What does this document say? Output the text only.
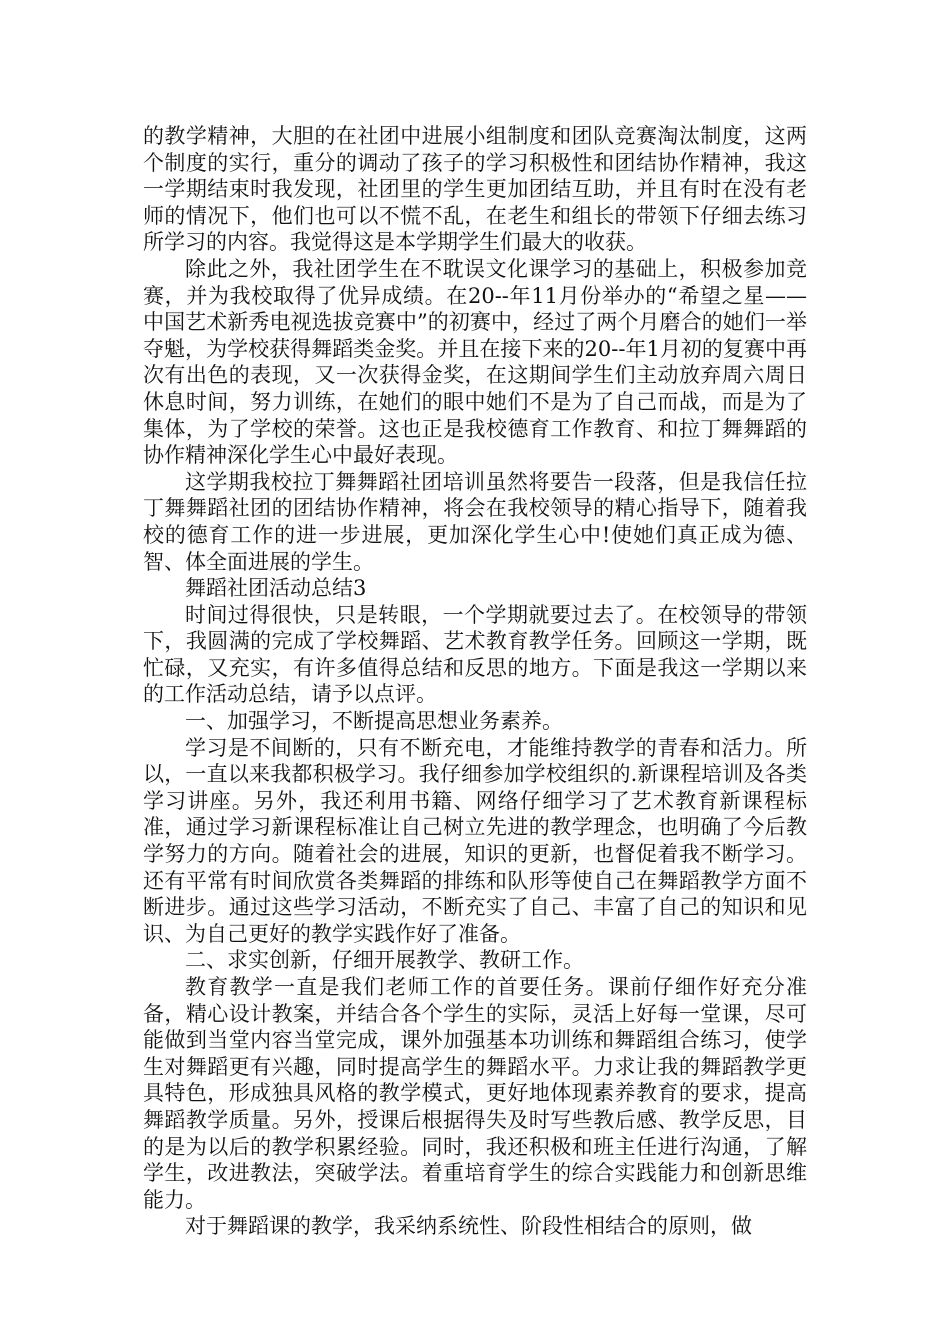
的教学精神，大胆的在社团中进展小组制度和团队竞赛淘汰制度，这两个制度的实行，重分的调动了孩子的学习积极性和团结协作精神，我这一学期结束时我发现，社团里的学生更加团结互助，并且有时在没有老师的情况下，他们也可以不慌不乱，在老生和组长的带领下仔细去练习所学习的内容。我觉得这是本学期学生们最大的收获。

除此之外，我社团学生在不耽误文化课学习的基础上，积极参加竞赛，并为我校取得了优异成绩。在20--年11月份举办的“希望之星——中国艺术新秀电视选拔竞赛中”的初赛中，经过了两个月磨合的她们一举夺魁，为学校获得舞蹈类金奖。并且在接下来的20--年1月初的复赛中再次有出色的表现，又一次获得金奖，在这期间学生们主动放弃周六周日休息时间，努力训练，在她们的眼中她们不是为了自己而战，而是为了集体，为了学校的荣誉。这也正是我校德育工作教育、和拉丁舞舞蹈的协作精神深化学生心中最好表现。

这学期我校拉丁舞舞蹈社团培训虽然将要告一段落，但是我信任拉丁舞舞蹈社团的团结协作精神，将会在我校领导的精心指导下，随着我校的德育工作的进一步进展，更加深化学生心中!使她们真正成为德、智、体全面进展的学生。

舞蹈社团活动总结3

时间过得很快，只是转眼，一个学期就要过去了。在校领导的带领下，我圆满的完成了学校舞蹈、艺术教育教学任务。回顾这一学期，既忙碌，又充实，有许多值得总结和反思的地方。下面是我这一学期以来的工作活动总结，请予以点评。

一、加强学习，不断提高思想业务素养。

学习是不间断的，只有不断充电，才能维持教学的青春和活力。所以，一直以来我都积极学习。我仔细参加学校组织的.新课程培训及各类学习讲座。另外，我还利用书籍、网络仔细学习了艺术教育新课程标准，通过学习新课程标准让自己树立先进的教学理念，也明确了今后教学努力的方向。随着社会的进展，知识的更新，也督促着我不断学习。还有平常有时间欣赏各类舞蹈的排练和队形等使自己在舞蹈教学方面不断进步。通过这些学习活动，不断充实了自己、丰富了自己的知识和见识、为自己更好的教学实践作好了准备。

二、求实创新，仔细开展教学、教研工作。

教育教学一直是我们老师工作的首要任务。课前仔细作好充分准备，精心设计教案，并结合各个学生的实际，灵活上好每一堂课，尽可能做到当堂内容当堂完成，课外加强基本功训练和舞蹈组合练习，使学生对舞蹈更有兴趣，同时提高学生的舞蹈水平。力求让我的舞蹈教学更具特色，形成独具风格的教学模式，更好地体现素养教育的要求，提高舞蹈教学质量。另外，授课后根据得失及时写些教后感、教学反思，目的是为以后的教学积累经验。同时，我还积极和班主任进行沟通，了解学生，改进教法，突破学法。着重培育学生的综合实践能力和创新思维能力。

对于舞蹈课的教学，我采纳系统性、阶段性相结合的原则，做
